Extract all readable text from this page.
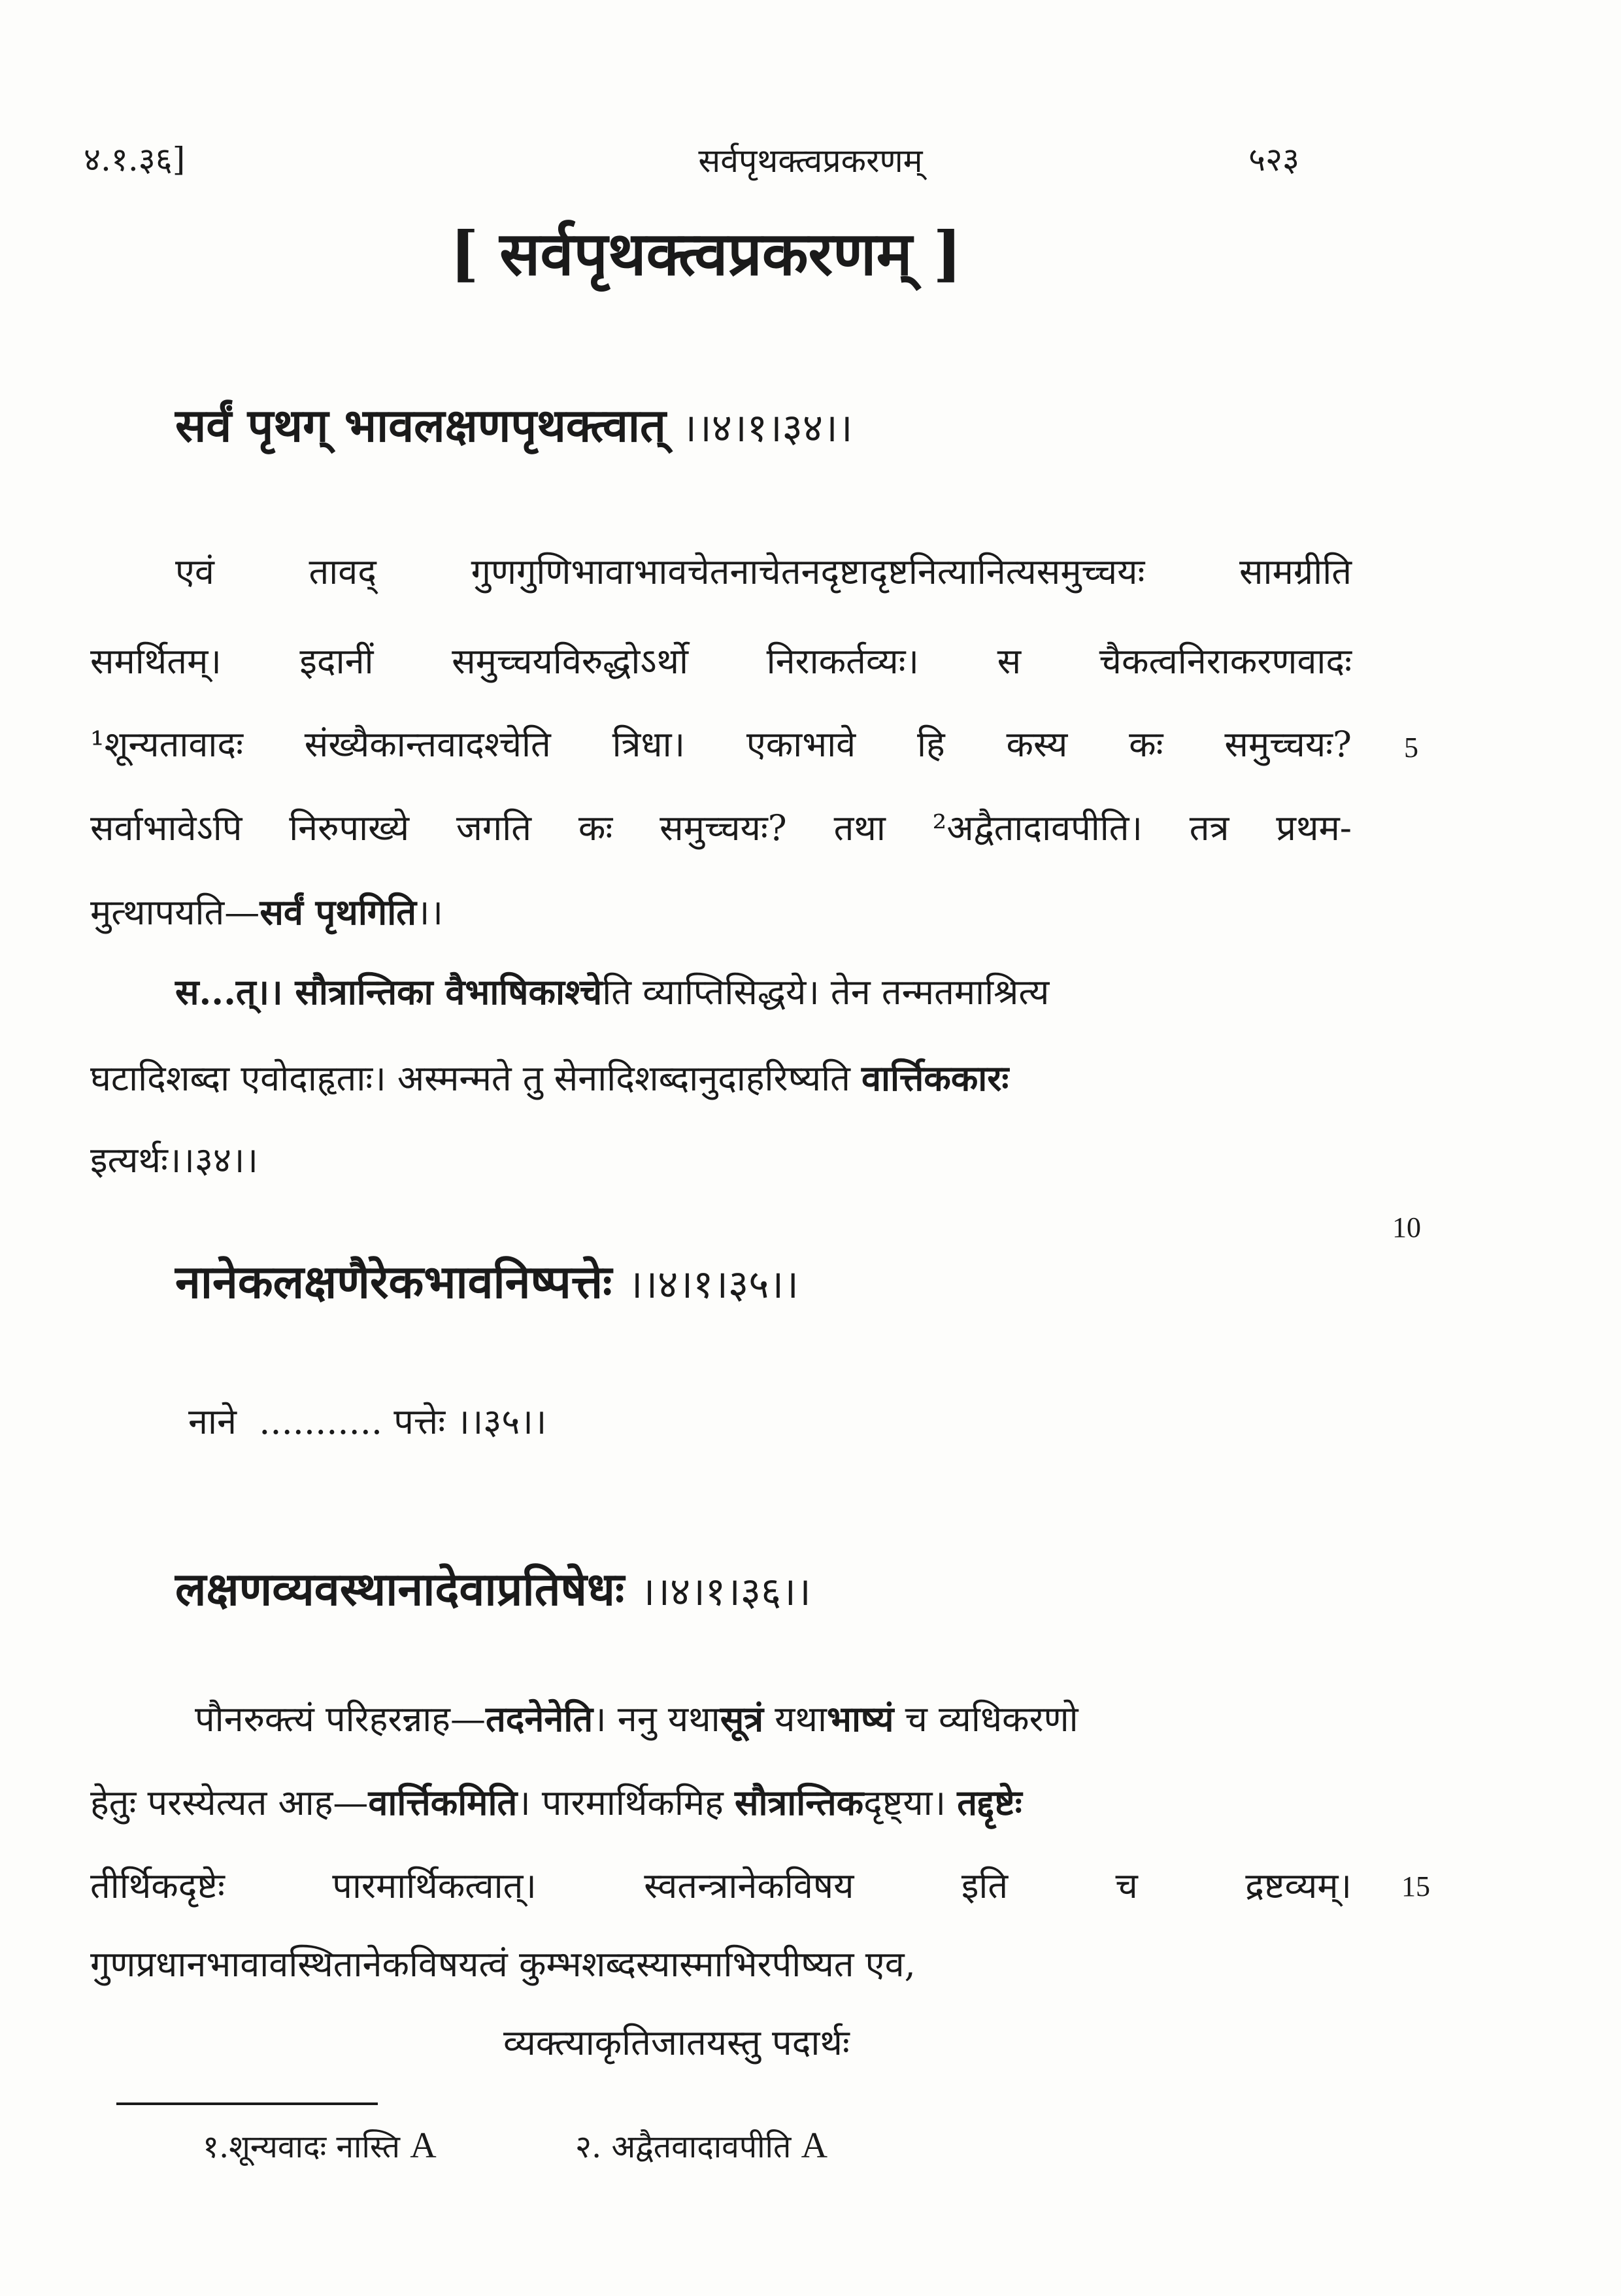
४.१.३६]	सर्वपृथक्त्वप्रकरणम्	५२३
[ सर्वपृथक्त्वप्रकरणम् ]
सर्वं पृथग् भावलक्षणपृथक्त्वात् ।।४।१।३४।।
एवं तावद् गुणगुणिभावाभावचेतनाचेतनदृष्टादृष्टनित्यानित्यसमुच्चयः सामग्रीति
समर्थितम्। इदानीं समुच्चयविरुद्धोऽर्थो निराकर्तव्यः। स चैकत्वनिराकरणवादः
¹शून्यतावादः संख्यैकान्तवादश्चेति त्रिधा। एकाभावे हि कस्य कः समुच्चयः?
सर्वाभावेऽपि निरुपाख्ये जगति कः समुच्चयः? तथा ²अद्वैतादावपीति। तत्र प्रथम-
मुत्थापयति—सर्वं पृथगिति।।
स...त्।। सौत्रान्तिका वैभाषिकाश्चेति व्याप्तिसिद्धये। तेन तन्मतमाश्रित्य
घटादिशब्दा एवोदाहृताः। अस्मन्मते तु सेनादिशब्दानुदाहरिष्यति वार्त्तिककारः
इत्यर्थः।।३४।।
नानेकलक्षणैरेकभावनिष्पत्तेः ।।४।१।३५।।
नाने  ........... पत्तेः ।।३५।।
लक्षणव्यवस्थानादेवाप्रतिषेधः ।।४।१।३६।।
पौनरुक्त्यं परिहरन्नाह—तदनेनेति। ननु यथासूत्रं यथाभाष्यं च व्यधिकरणो
हेतुः परस्येत्यत आह—वार्त्तिकमिति। पारमार्थिकमिह सौत्रान्तिकदृष्ट्या। तद्दृष्टेः
तीर्थिकदृष्टेः पारमार्थिकत्वात्। स्वतन्त्रानेकविषय इति च द्रष्टव्यम्।
गुणप्रधानभावावस्थितानेकविषयत्वं कुम्भशब्दस्यास्माभिरपीष्यत एव,
व्यक्त्याकृतिजातयस्तु पदार्थः
5
10
15
१.शून्यवादः नास्ति A	२. अद्वैतवादावपीति A
